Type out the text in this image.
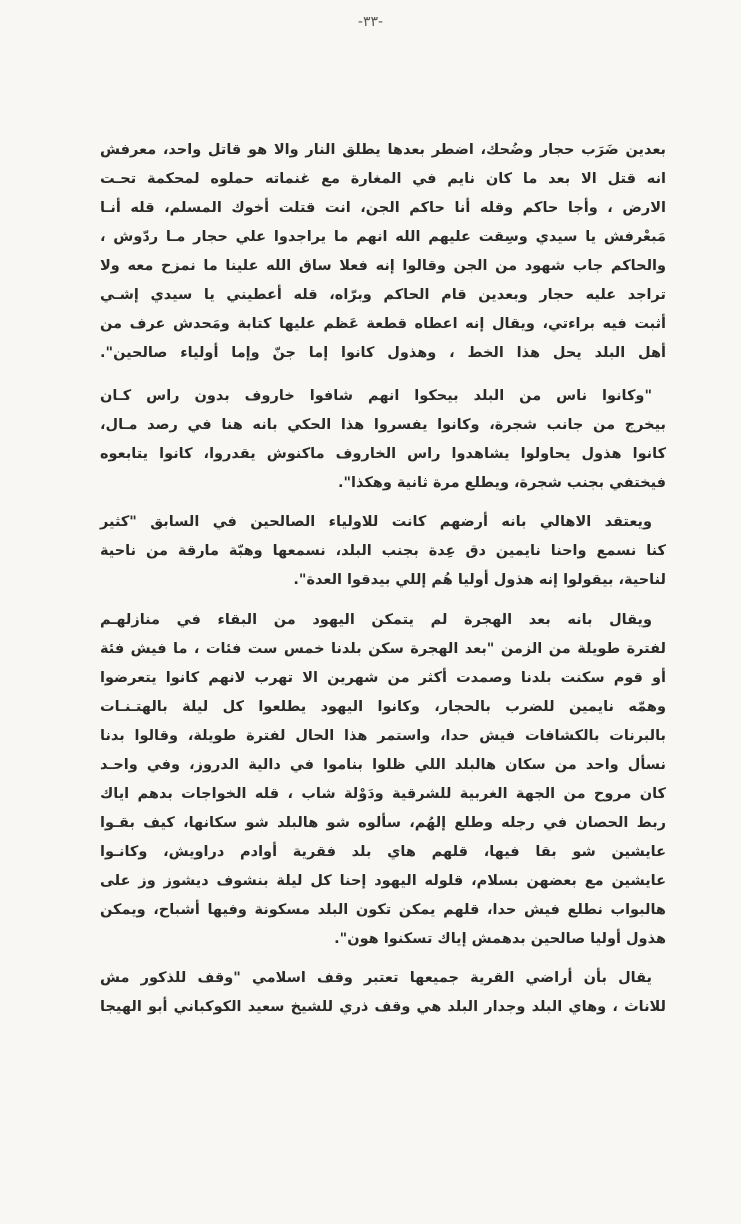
-٣٣-
بعدين ضَرَب حجار وضُحك، اضطر بعدها يطلق النار والا هو قاتل واحد، معرفش
انه قتل الا بعد ما كان نايم في المغارة مع غنماته حملوه لمحكمة تحـت
الارض ، وأجا حاكم وقله أنا حاكم الجن، انت قتلت أخوك المسلم، قله أنـا
مَبعْرفش يا سيدي وسِقت عليهم الله انهم ما يراجدوا علي حجار مـا ردّوش ،
والحاكم جاب شهود من الجن وقالوا إنه فعلا ساق الله علينا ما نمزح معه ولا
تراجد عليه حجار وبعدين قام الحاكم وبرّاه، قله أعطيني يا سيدي إشـي
أثبت فيه براءتي، ويقال إنه اعطاه قطعة عَظم عليها كتابة ومَحدش عرف من
أهل البلد يحل هذا الخط ، وهذول كانوا إما جنّ وإما أولياء صالحين".
"وكانوا ناس من البلد بيحكوا انهم شافوا خاروف بدون راس كـان
بيخرج من جانب شجرة، وكانوا يفسروا هذا الحكي بانه هنا في رصد مـال،
كانوا هذول يحاولوا يشاهدوا راس الخاروف ماكنوش يقدروا، كانوا يتابعوه
فيختفي بجنب شجرة، ويطلع مرة ثانية وهكذا".
ويعتقد الاهالي بانه أرضهم كانت للاولياء الصالحين في السابق "كثير
كنا نسمع واحنا نايمين دق عِدة بجنب البلد، نسمعها وهبّة مارقة من ناحية
لناحية، بيقولوا إنه هذول أوليا هُم إللي بيدقوا العدة".
ويقال بانه بعد الهجرة لم يتمكن اليهود من البقاء في منازلهـم
لفترة طويلة من الزمن "بعد الهجرة سكن بلدنا خمس ست فئات ، ما فيش فئة
أو قوم سكنت بلدنا وصمدت أكثر من شهرين الا تهرب لانهم كانوا يتعرضوا
وهمّه نايمين للضرب بالحجار، وكانوا اليهود يطلعوا كل ليلة بالهتـنـات
بالبرنات بالكشافات فيش حدا، واستمر هذا الحال لفترة طويلة، وقالوا بدنا
نسأل واحد من سكان هالبلد اللي ظلوا بناموا في دالية الدروز، وفي واحـد
كان مروح من الجهة الغربية للشرقية ودَوْلة شاب ، قله الخواجات بدهم اياك
ربط الحصان في رجله وطلع إلهُم، سألوه شو هالبلد شو سكانها، كيف بقـوا
عايشين شو بقا فيها، قلهم هاي بلد فقرية أوادم دراويش، وكانـوا
عايشين مع بعضهن بسلام، قلوله اليهود إحنا كل ليلة بنشوف ديشوز وز على
هالبواب نطلع فيش حدا، قلهم يمكن تكون البلد مسكونة وفيها أشباح، ويمكن
هذول أوليا صالحين بدهمش إياك تسكنوا هون".
يقال بأن أراضي القرية جميعها تعتبر وقف اسلامي "وقف للذكور مش
للاناث ، وهاي البلد وجدار البلد هي وقف ذري للشيخ سعيد الكوكباني أبو الهيجا
